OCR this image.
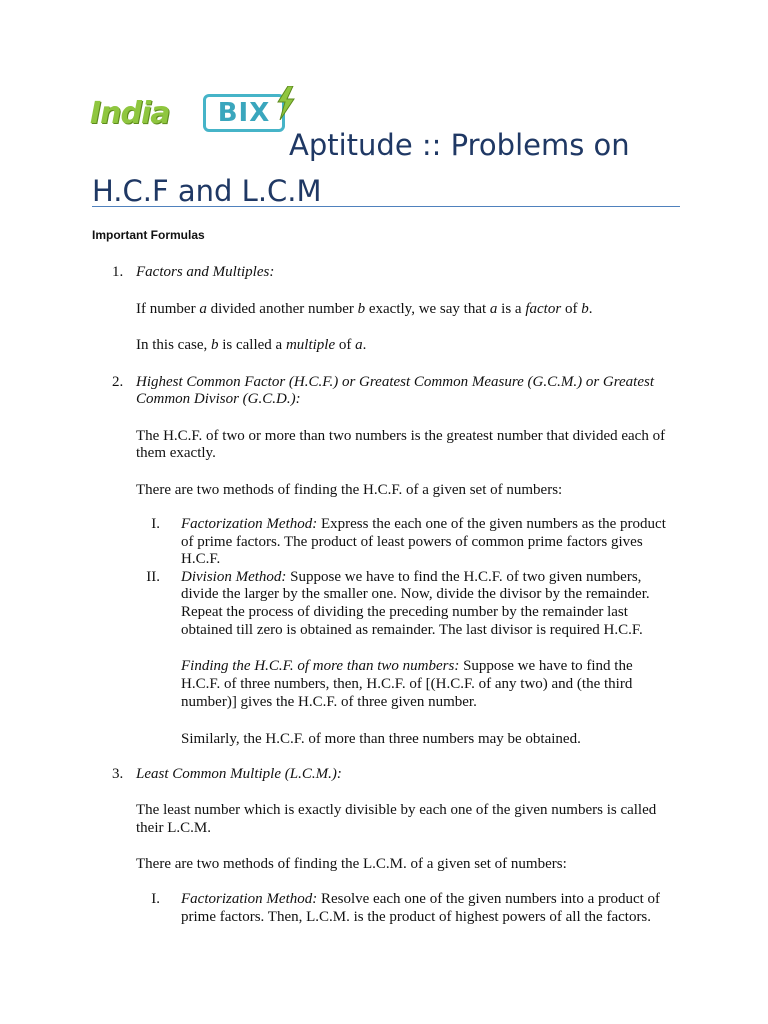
India	BIX
Aptitude :: Problems on
H.C.F and L.C.M
Important Formulas
1. Factors and Multiples:

If number a divided another number b exactly, we say that a is a factor of b.

In this case, b is called a multiple of a.

2. Highest Common Factor (H.C.F.) or Greatest Common Measure (G.C.M.) or Greatest
Common Divisor (G.C.D.):
The H.C.F. of two or more than two numbers is the greatest number that divided each of
them exactly.
There are two methods of finding the H.C.F. of a given set of numbers:
I. Factorization Method: Express the each one of the given numbers as the product

of prime factors. The product of least powers of common prime factors gives
H.C.F.
II. Division Method: Suppose we have to find the H.C.F. of two given numbers,

divide the larger by the smaller one. Now, divide the divisor by the remainder.
Repeat the process of dividing the preceding number by the remainder last
obtained till zero is obtained as remainder. The last divisor is required H.C.F.

Finding the H.C.F. of more than two numbers: Suppose we have to find the

H.C.F. of three numbers, then, H.C.F. of [(H.C.F. of any two) and (the third
number)] gives the H.C.F. of three given number.
Similarly, the H.C.F. of more than three numbers may be obtained.
3. Least Common Multiple (L.C.M.):
The least number which is exactly divisible by each one of the given numbers is called
their L.C.M.
There are two methods of finding the L.C.M. of a given set of numbers:
I. Factorization Method: Resolve each one of the given numbers into a product of

prime factors. Then, L.C.M. is the product of highest powers of all the factors.
